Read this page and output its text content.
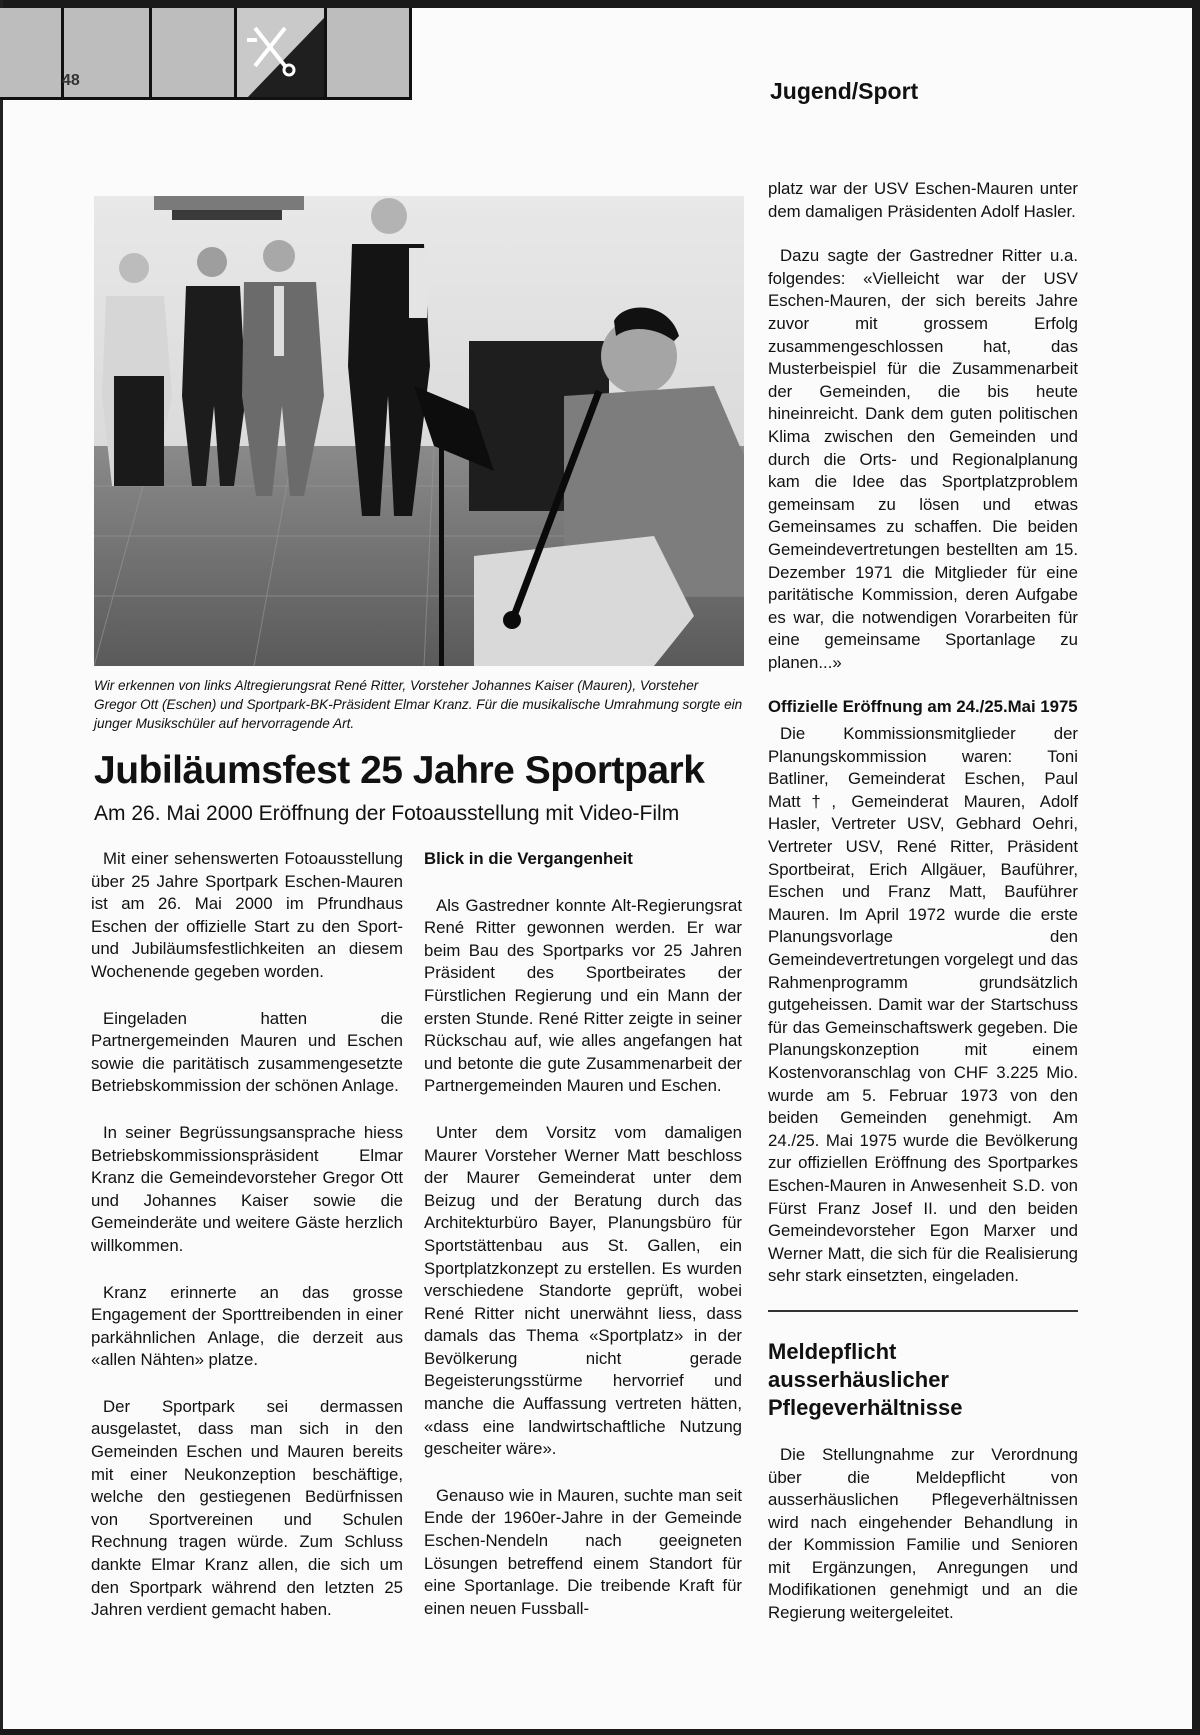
48	Jugend/Sport
Wir erkennen von links Altregierungsrat René Ritter, Vorsteher Johannes Kaiser (Mauren), Vorsteher Gregor Ott (Eschen) und Sportpark-BK-Präsident Elmar Kranz. Für die musikalische Umrahmung sorgte ein junger Musikschüler auf hervorragende Art.
Jubiläumsfest 25 Jahre Sportpark
Am 26. Mai 2000 Eröffnung der Fotoausstellung mit Video-Film

Mit einer sehenswerten Fotoausstellung über 25 Jahre Sportpark Eschen-Mauren ist am 26. Mai 2000 im Pfrundhaus Eschen der offizielle Start zu den Sport- und Jubiläumsfestlichkeiten an diesem Wochenende gegeben worden.

Eingeladen hatten die Partnergemeinden Mauren und Eschen sowie die paritätisch zusammengesetzte Betriebskommission der schönen Anlage.

In seiner Begrüssungsansprache hiess Betriebskommissionspräsident Elmar Kranz die Gemeindevorsteher Gregor Ott und Johannes Kaiser sowie die Gemeinderäte und weitere Gäste herzlich willkommen.

Kranz erinnerte an das grosse Engagement der Sporttreibenden in einer parkähnlichen Anlage, die derzeit aus «allen Nähten» platze.

Der Sportpark sei dermassen ausgelastet, dass man sich in den Gemeinden Eschen und Mauren bereits mit einer Neukonzeption beschäftige, welche den gestiegenen Bedürfnissen von Sportvereinen und Schulen Rechnung tragen würde. Zum Schluss dankte Elmar Kranz allen, die sich um den Sportpark während den letzten 25 Jahren verdient gemacht haben.

Blick in die Vergangenheit

Als Gastredner konnte Alt-Regierungsrat René Ritter gewonnen werden. Er war beim Bau des Sportparks vor 25 Jahren Präsident des Sportbeirates der Fürstlichen Regierung und ein Mann der ersten Stunde. René Ritter zeigte in seiner Rückschau auf, wie alles angefangen hat und betonte die gute Zusammenarbeit der Partnergemeinden Mauren und Eschen.

Unter dem Vorsitz vom damaligen Maurer Vorsteher Werner Matt beschloss der Maurer Gemeinderat unter dem Beizug und der Beratung durch das Architekturbüro Bayer, Planungsbüro für Sportstättenbau aus St. Gallen, ein Sportplatzkonzept zu erstellen. Es wurden verschiedene Standorte geprüft, wobei René Ritter nicht unerwähnt liess, dass damals das Thema «Sportplatz» in der Bevölkerung nicht gerade Begeisterungsstürme hervorrief und manche die Auffassung vertreten hätten, «dass eine landwirtschaftliche Nutzung gescheiter wäre».

Genauso wie in Mauren, suchte man seit Ende der 1960er-Jahre in der Gemeinde Eschen-Nendeln nach geeigneten Lösungen betreffend einem Standort für eine Sportanlage. Die treibende Kraft für einen neuen Fussball-

platz war der USV Eschen-Mauren unter dem damaligen Präsidenten Adolf Hasler.

Dazu sagte der Gastredner Ritter u.a. folgendes: «Vielleicht war der USV Eschen-Mauren, der sich bereits Jahre zuvor mit grossem Erfolg zusammengeschlossen hat, das Musterbeispiel für die Zusammenarbeit der Gemeinden, die bis heute hineinreicht. Dank dem guten politischen Klima zwischen den Gemeinden und durch die Orts- und Regionalplanung kam die Idee das Sportplatzproblem gemeinsam zu lösen und etwas Gemeinsames zu schaffen. Die beiden Gemeindevertretungen bestellten am 15. Dezember 1971 die Mitglieder für eine paritätische Kommission, deren Aufgabe es war, die notwendigen Vorarbeiten für eine gemeinsame Sportanlage zu planen...»

Offizielle Eröffnung am 24./25.Mai 1975

Die Kommissionsmitglieder der Planungskommission waren: Toni Batliner, Gemeinderat Eschen, Paul Matt†, Gemeinderat Mauren, Adolf Hasler, Vertreter USV, Gebhard Oehri, Vertreter USV, René Ritter, Präsident Sportbeirat, Erich Allgäuer, Bauführer, Eschen und Franz Matt, Bauführer Mauren. Im April 1972 wurde die erste Planungsvorlage den Gemeindevertretungen vorgelegt und das Rahmenprogramm grundsätzlich gutgeheissen. Damit war der Startschuss für das Gemeinschaftswerk gegeben. Die Planungskonzeption mit einem Kostenvoranschlag von CHF 3.225 Mio. wurde am 5. Februar 1973 von den beiden Gemeinden genehmigt. Am 24./25. Mai 1975 wurde die Bevölkerung zur offiziellen Eröffnung des Sportparkes Eschen-Mauren in Anwesenheit S.D. von Fürst Franz Josef II. und den beiden Gemeindevorsteher Egon Marxer und Werner Matt, die sich für die Realisierung sehr stark einsetzten, eingeladen.

Meldepflicht ausserhäuslicher Pflegeverhältnisse

Die Stellungnahme zur Verordnung über die Meldepflicht von ausserhäuslichen Pflegeverhältnissen wird nach eingehender Behandlung in der Kommission Familie und Senioren mit Ergänzungen, Anregungen und Modifikationen genehmigt und an die Regierung weitergeleitet.
